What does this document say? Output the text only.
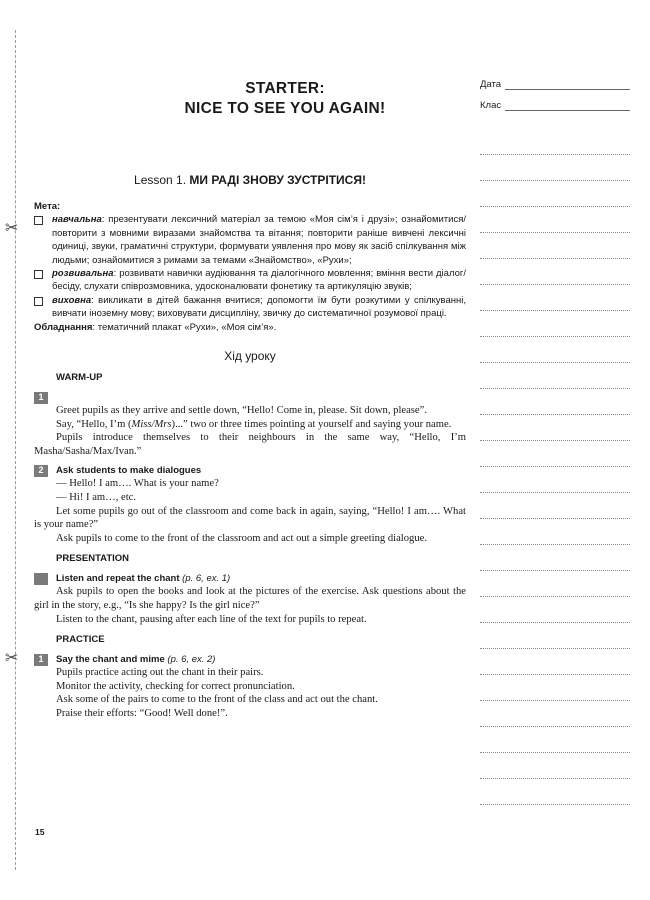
✂
✂
STARTER:
NICE TO SEE YOU AGAIN!
Дата
Клас
Lesson 1. МИ РАДІ ЗНОВУ ЗУСТРІТИСЯ!
Мета:
навчальна: презентувати лексичний матеріал за темою «Моя сім’я і друзі»; ознайомитися/повторити з мовними виразами знайомства та вітання; повторити раніше вивчені лексичні одиниці, звуки, граматичні структури, формувати уявлення про мову як засіб спілкування між людьми; ознайомитися з римами за темами «Знайомство», «Рухи»;
розвивальна: розвивати навички аудіювання та діалогічного мовлення; вміння вести діалог/бесіду, слухати співрозмовника, удосконалювати фонетику та артикуляцію звуків;
виховна: викликати в дітей бажання вчитися; допомогти їм бути розкутими у спілкуванні, вивчати іноземну мову; виховувати дисципліну, звичку до систематичної розумової праці.
Обладнання: тематичний плакат «Рухи», «Моя сім’я».
Хід уроку
WARM-UP
1
Greet pupils as they arrive and settle down, “Hello! Come in, please. Sit down, please”.
Say, “Hello, I’m (Miss/Mrs)...” two or three times pointing at yourself and saying your name.
Pupils introduce themselves to their neighbours in the same way, “Hello, I’m Masha/Sasha/Max/Ivan.”
2	Ask students to make dialogues
— Hello! I am…. What is your name?
— Hi! I am…, etc.
Let some pupils go out of the classroom and come back in again, saying, “Hello! I am…. What is your name?”
Ask pupils to come to the front of the classroom and act out a simple greeting dialogue.
PRESENTATION
Listen and repeat the chant
(p. 6, ex. 1)
Ask pupils to open the books and look at the pictures of the exercise. Ask questions about the girl in the story, e.g., “Is she happy? Is the girl nice?”
Listen to the chant, pausing after each line of the text for pupils to repeat.
PRACTICE
1	Say the chant and mime
(p. 6, ex. 2)
Pupils practice acting out the chant in their pairs.
Monitor the activity, checking for correct pronunciation.
Ask some of the pairs to come to the front of the class and act out the chant.
Praise their efforts: “Good! Well done!”.
15
